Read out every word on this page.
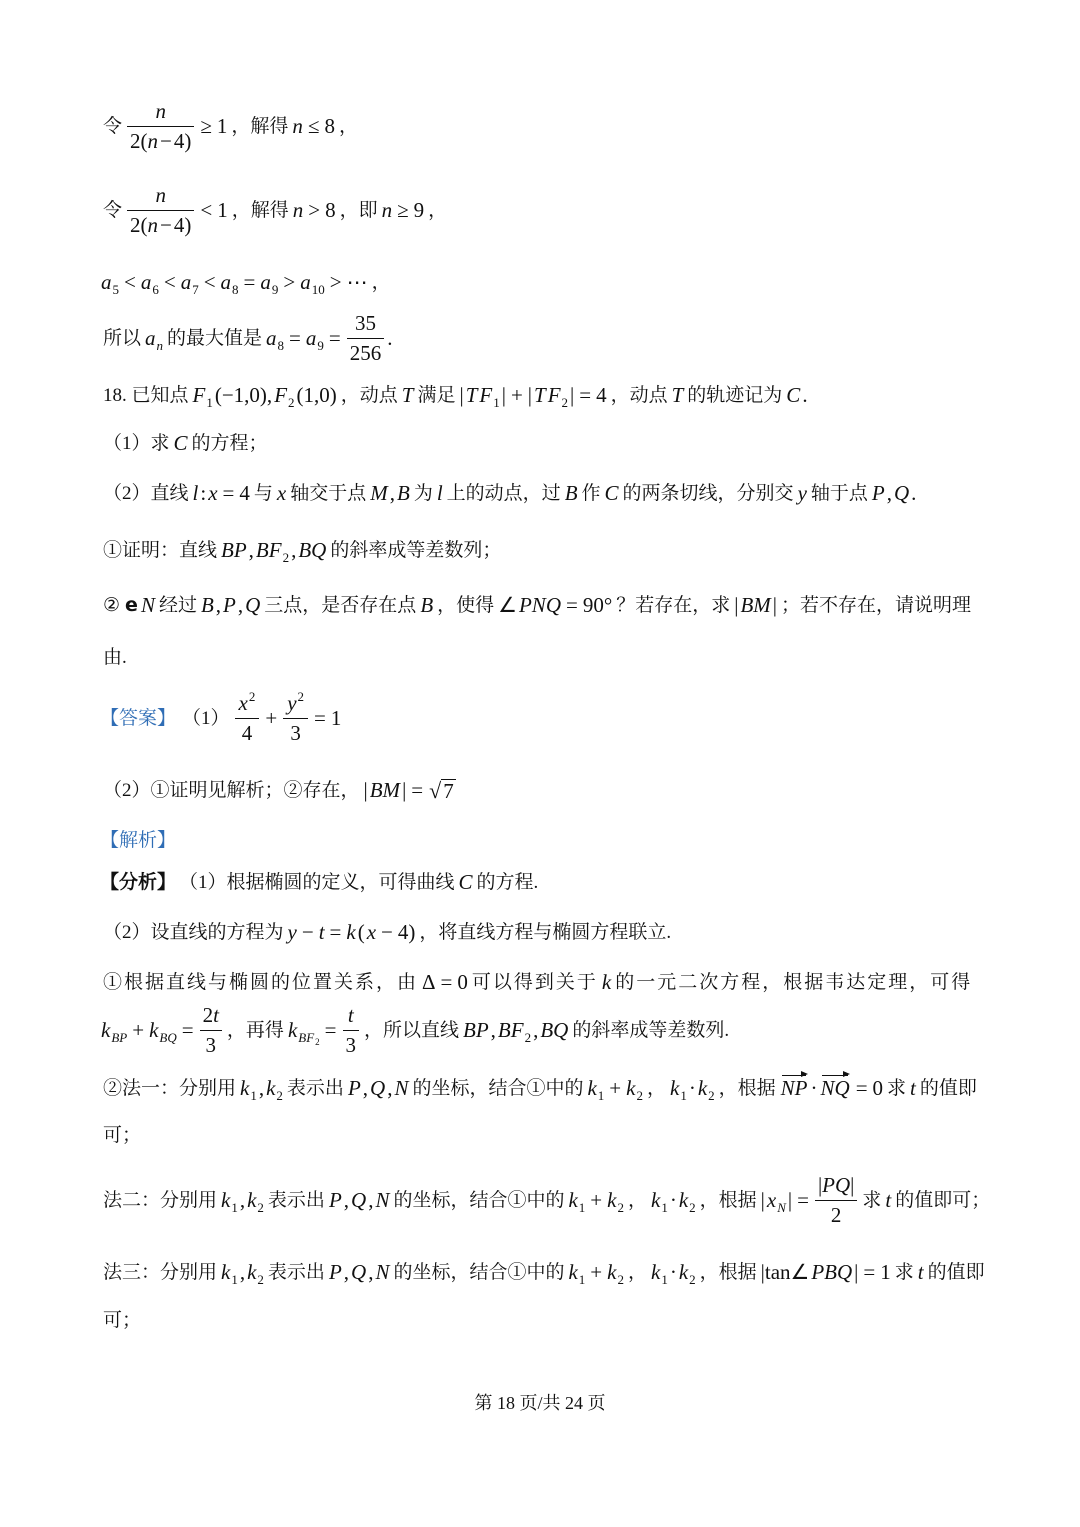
令 $\frac{n}{2( n - 4)} \ge 1$ ，解得 n ≤ 8 ，
令 $\frac{n}{2( n - 4)} < 1$ ，解得 n > 8 ，即 n ≥ 9 ，
$a_5 < a_6 < a_7 < a_8 = a_9 > a_{10}$ > ⋯ ，
所以 $a_n$ 的最大值是 $a_8 = a_9 = \frac{35}{256}$ .
18. 已知点 $F_1$ (−1,0), $F_2$ (1,0) ，动点 T 满足 | T $F_1$ | + | T $F_2$ | = 4 ，动点 T 的轨迹记为 C .
（1）求 C 的方程；
（2）直线 l : x = 4 与 x 轴交于点 M , B 为 l 上的动点，过 B 作 C 的两条切线，分别交 y 轴于点 P , Q .
①证明：直线 BP , $BF_2$ , BQ 的斜率成等差数列；
② e N 经过 B , P , Q 三点，是否存在点 B ，使得 ∠ PNQ = 90° ？若存在，求 | BM | ；若不存在，请说明理
由.
【答案】 $(1) \frac{x^2}{4} + \frac{y^2}{3} = 1$
（2）①证明见解析；②存在， | BM | = √ 7
【解析】
【分析】 （1）根据椭圆的定义，可得曲线 C 的方程.
（2）设直线的方程为 y − t = k ( x − 4) ，将直线方程与椭圆方程联立.
①根据直线与椭圆的位置关系，由 Δ = 0 可以得到关于 k 的一元二次方程，根据韦达定理，可得
$k_{BP} + k_{BQ} = \frac{2 t}{3}$ ，再得 $k_{BF2} = \frac{t}{3}$ ，所以直线 BP , $BF_2$ , BQ 的斜率成等差数列.
②法一：分别用 $k_1$ , $k_2$ 表示出 P , Q , N 的坐标，结合①中的 $k_1 + k_2$ ， $k_1 \cdot k_2$ ，根据 NP · NQ = 0 求 t 的值即
可；
法二：分别用 $k_1$ , $k_2$ 表示出 P , Q , N 的坐标，结合①中的 $k_1 + k_2$ ， $k_1 \cdot k_2$ ，根据 | $x_N$ | = $\frac{| PQ |}{2}$ 求 t 的值即可；
法三：分别用 $k_1$ , $k_2$ 表示出 P , Q , N 的坐标，结合①中的 $k_1 + k_2$ ， $k_1 \cdot k_2$ ，根据 |tan∠ PBQ | = 1 求 t 的值即
可；
第 18 页/共 24 页
